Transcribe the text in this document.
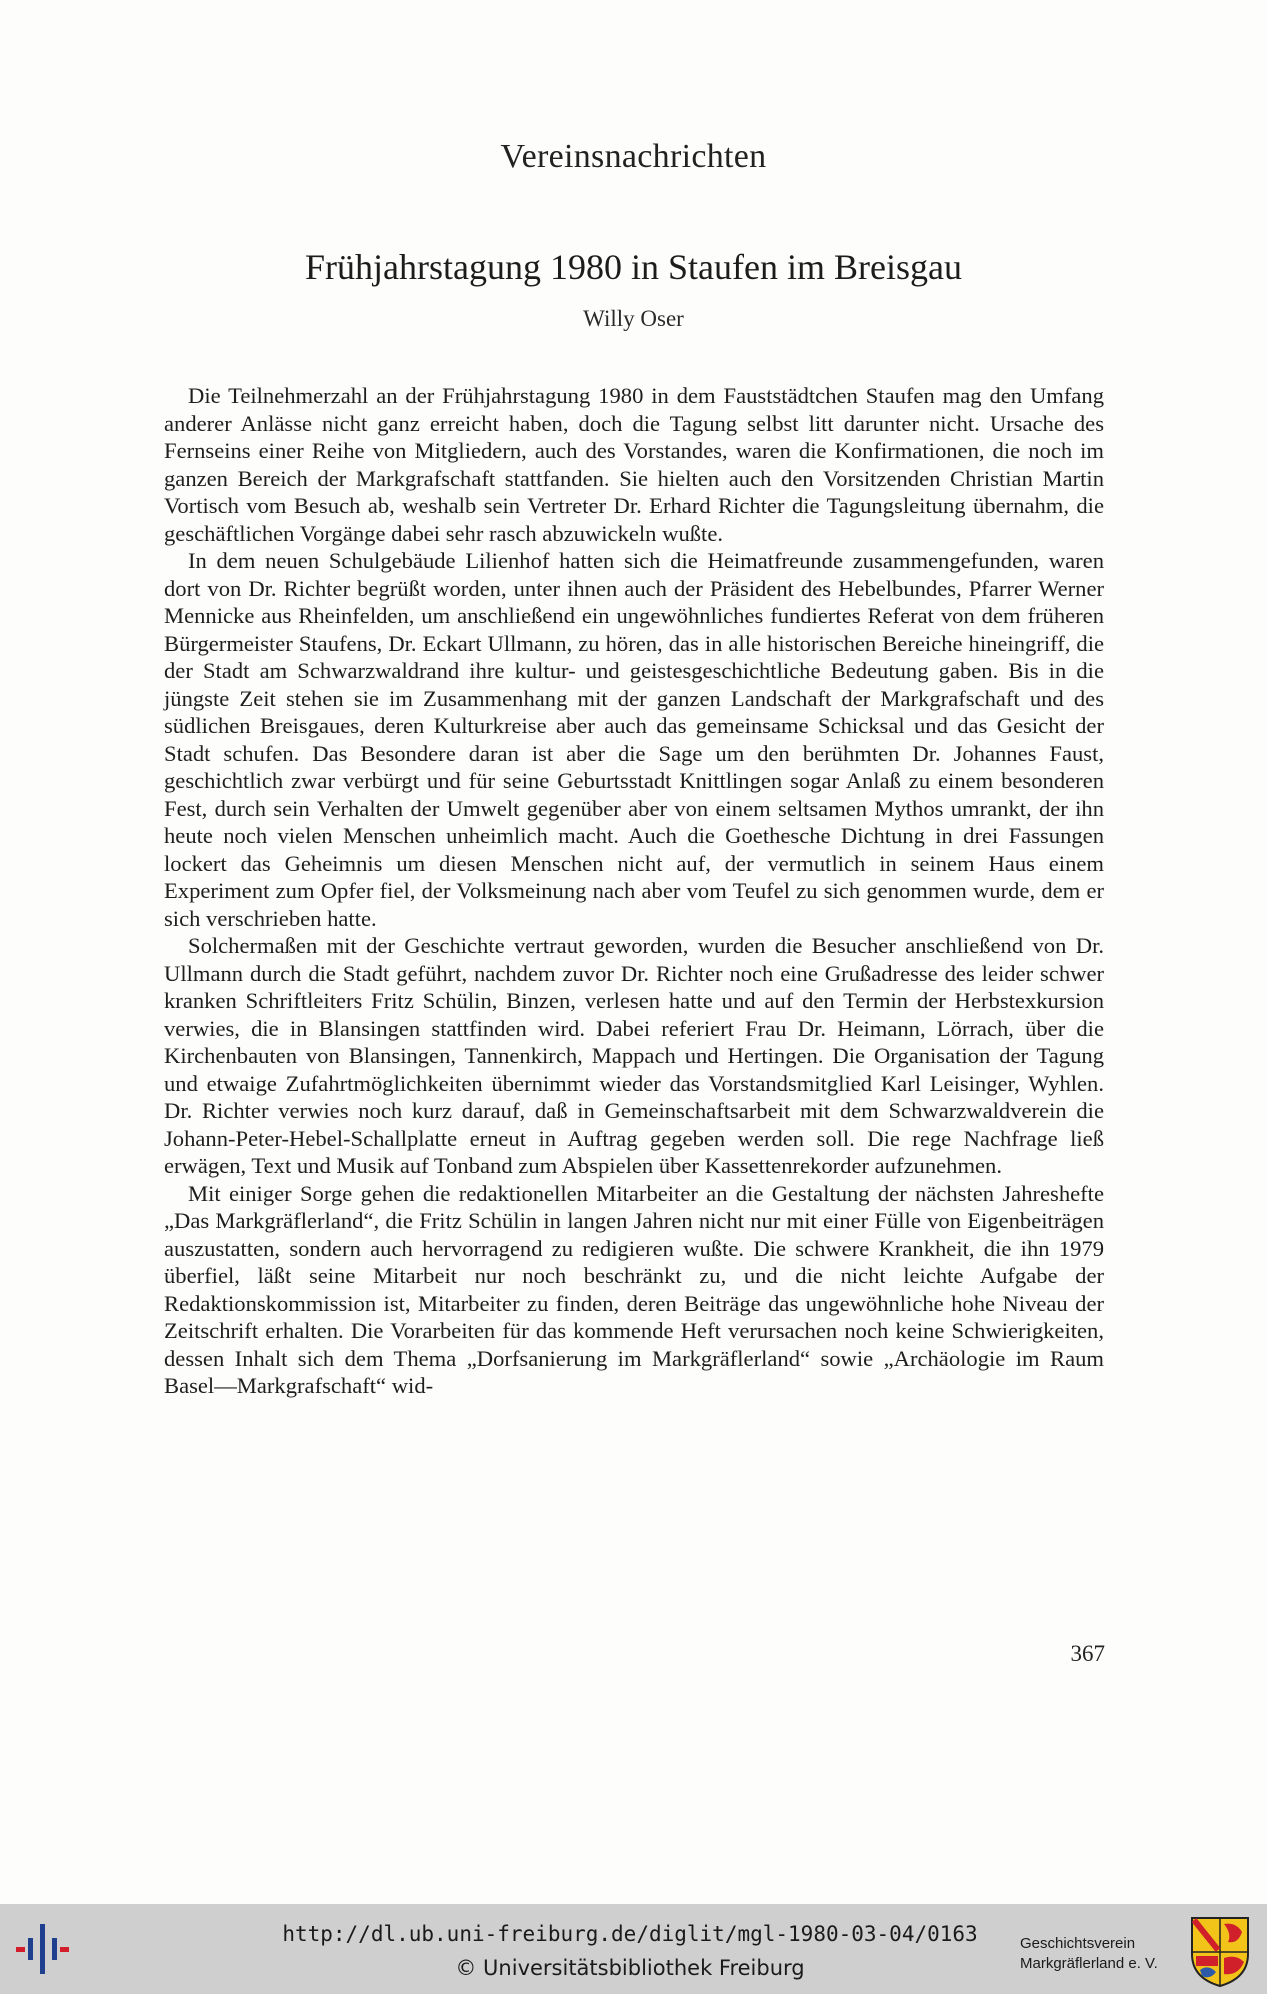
Vereinsnachrichten
Frühjahrstagung 1980 in Staufen im Breisgau
Willy Oser

Die Teilnehmerzahl an der Frühjahrstagung 1980 in dem Fauststädtchen Staufen mag den Umfang anderer Anlässe nicht ganz erreicht haben, doch die Tagung selbst litt darunter nicht. Ursache des Fernseins einer Reihe von Mitgliedern, auch des Vorstandes, waren die Konfirmationen, die noch im ganzen Bereich der Markgrafschaft stattfanden. Sie hielten auch den Vorsitzenden Christian Martin Vortisch vom Besuch ab, weshalb sein Vertreter Dr. Erhard Richter die Tagungsleitung übernahm, die geschäftlichen Vorgänge dabei sehr rasch abzuwickeln wußte.

In dem neuen Schulgebäude Lilienhof hatten sich die Heimatfreunde zusammengefunden, waren dort von Dr. Richter begrüßt worden, unter ihnen auch der Präsident des Hebelbundes, Pfarrer Werner Mennicke aus Rheinfelden, um anschließend ein ungewöhnliches fundiertes Referat von dem früheren Bürgermeister Staufens, Dr. Eckart Ullmann, zu hören, das in alle historischen Bereiche hineingriff, die der Stadt am Schwarzwaldrand ihre kultur- und geistesgeschichtliche Bedeutung gaben. Bis in die jüngste Zeit stehen sie im Zusammenhang mit der ganzen Landschaft der Markgrafschaft und des südlichen Breisgaues, deren Kulturkreise aber auch das gemeinsame Schicksal und das Gesicht der Stadt schufen. Das Besondere daran ist aber die Sage um den berühmten Dr. Johannes Faust, geschichtlich zwar verbürgt und für seine Geburtsstadt Knittlingen sogar Anlaß zu einem besonderen Fest, durch sein Verhalten der Umwelt gegenüber aber von einem seltsamen Mythos umrankt, der ihn heute noch vielen Menschen unheimlich macht. Auch die Goethesche Dichtung in drei Fassungen lockert das Geheimnis um diesen Menschen nicht auf, der vermutlich in seinem Haus einem Experiment zum Opfer fiel, der Volksmeinung nach aber vom Teufel zu sich genommen wurde, dem er sich verschrieben hatte.

Solchermaßen mit der Geschichte vertraut geworden, wurden die Besucher anschließend von Dr. Ullmann durch die Stadt geführt, nachdem zuvor Dr. Richter noch eine Grußadresse des leider schwer kranken Schriftleiters Fritz Schülin, Binzen, verlesen hatte und auf den Termin der Herbstexkursion verwies, die in Blansingen stattfinden wird. Dabei referiert Frau Dr. Heimann, Lörrach, über die Kirchenbauten von Blansingen, Tannenkirch, Mappach und Hertingen. Die Organisation der Tagung und etwaige Zufahrtmöglichkeiten übernimmt wieder das Vorstandsmitglied Karl Leisinger, Wyhlen. Dr. Richter verwies noch kurz darauf, daß in Gemeinschaftsarbeit mit dem Schwarzwaldverein die Johann-Peter-Hebel-Schallplatte erneut in Auftrag gegeben werden soll. Die rege Nachfrage ließ erwägen, Text und Musik auf Tonband zum Abspielen über Kassettenrekorder aufzunehmen.

Mit einiger Sorge gehen die redaktionellen Mitarbeiter an die Gestaltung der nächsten Jahreshefte „Das Markgräflerland“, die Fritz Schülin in langen Jahren nicht nur mit einer Fülle von Eigenbeiträgen auszustatten, sondern auch hervorragend zu redigieren wußte. Die schwere Krankheit, die ihn 1979 überfiel, läßt seine Mitarbeit nur noch beschränkt zu, und die nicht leichte Aufgabe der Redaktionskommission ist, Mitarbeiter zu finden, deren Beiträge das ungewöhnliche hohe Niveau der Zeitschrift erhalten. Die Vorarbeiten für das kommende Heft verursachen noch keine Schwierigkeiten, dessen Inhalt sich dem Thema „Dorfsanierung im Markgräflerland“ sowie „Archäologie im Raum Basel—Markgrafschaft“ wid-

367
http://dl.ub.uni-freiburg.de/diglit/mgl-1980-03-04/0163
© Universitätsbibliothek Freiburg
Geschichtsverein
Markgräflerland e. V.
